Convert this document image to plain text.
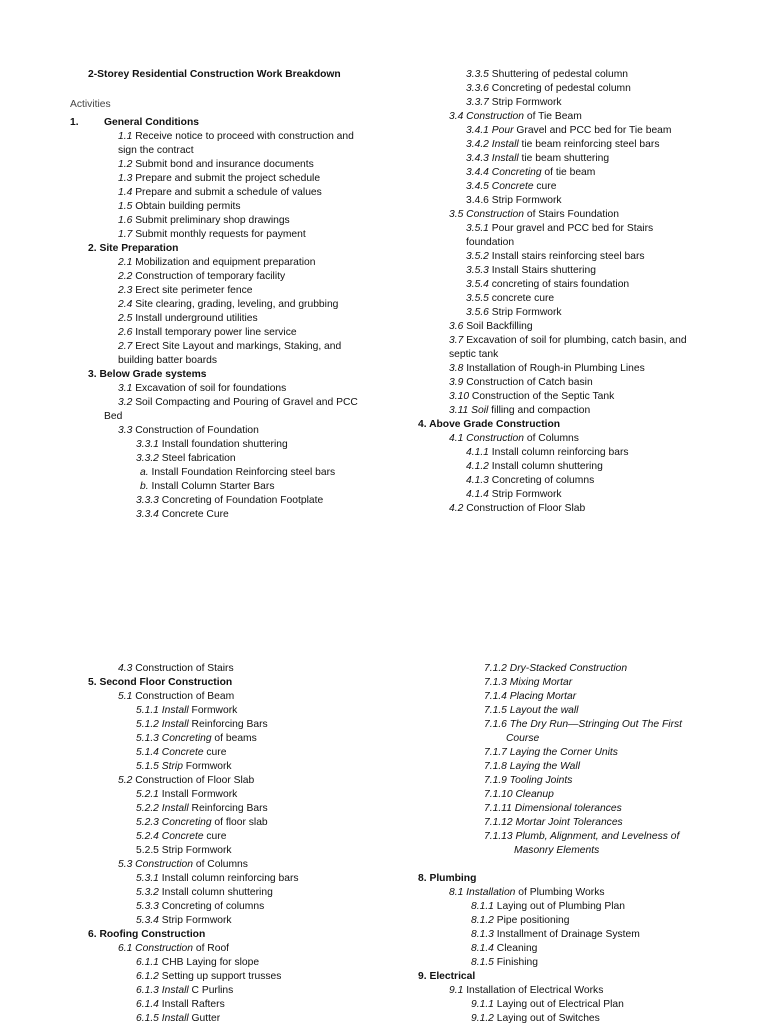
2-Storey Residential Construction Work Breakdown
Activities
1. General Conditions
1.1 Receive notice to proceed with construction and
sign the contract
1.2 Submit bond and insurance documents
1.3 Prepare and submit the project schedule
1.4 Prepare and submit a schedule of values
1.5 Obtain building permits
1.6 Submit preliminary shop drawings
1.7 Submit monthly requests for payment
2. Site Preparation
2.1 Mobilization and equipment preparation
2.2 Construction of temporary facility
2.3 Erect site perimeter fence
2.4 Site clearing, grading, leveling, and grubbing
2.5 Install underground utilities
2.6 Install temporary power line service
2.7 Erect Site Layout and markings, Staking, and
building batter boards
3. Below Grade systems
3.1 Excavation of soil for foundations
3.2 Soil Compacting and Pouring of Gravel and PCC
Bed
3.3 Construction of Foundation
3.3.1 Install foundation shuttering
3.3.2 Steel fabrication
a. Install Foundation Reinforcing steel bars
b. Install Column Starter Bars
3.3.3 Concreting of Foundation Footplate
3.3.4 Concrete Cure
3.3.5 Shuttering of pedestal column
3.3.6 Concreting of pedestal column
3.3.7 Strip Formwork
3.4 Construction of Tie Beam
3.4.1 Pour Gravel and PCC bed for Tie beam
3.4.2 Install tie beam reinforcing steel bars
3.4.3 Install tie beam shuttering
3.4.4 Concreting of tie beam
3.4.5 Concrete cure
3.4.6 Strip Formwork
3.5 Construction of Stairs Foundation
3.5.1 Pour gravel and PCC bed for Stairs
foundation
3.5.2 Install stairs reinforcing steel bars
3.5.3 Install Stairs shuttering
3.5.4 concreting of stairs foundation
3.5.5 concrete cure
3.5.6 Strip Formwork
3.6 Soil Backfilling
3.7 Excavation of soil for plumbing, catch basin, and
septic tank
3.8 Installation of Rough-in Plumbing Lines
3.9 Construction of Catch basin
3.10 Construction of the Septic Tank
3.11 Soil filling and compaction
4. Above Grade Construction
4.1 Construction of Columns
4.1.1 Install column reinforcing bars
4.1.2 Install column shuttering
4.1.3 Concreting of columns
4.1.4 Strip Formwork
4.2 Construction of Floor Slab
4.3 Construction of Stairs
5. Second Floor Construction
5.1 Construction of Beam
5.1.1 Install Formwork
5.1.2 Install Reinforcing Bars
5.1.3 Concreting of beams
5.1.4 Concrete cure
5.1.5 Strip Formwork
5.2 Construction of Floor Slab
5.2.1 Install Formwork
5.2.2 Install Reinforcing Bars
5.2.3 Concreting of floor slab
5.2.4 Concrete cure
5.2.5 Strip Formwork
5.3 Construction of Columns
5.3.1 Install column reinforcing bars
5.3.2 Install column shuttering
5.3.3 Concreting of columns
5.3.4 Strip Formwork
6. Roofing Construction
6.1 Construction of Roof
6.1.1 CHB Laying for slope
6.1.2 Setting up support trusses
6.1.3 Install C Purlins
6.1.4 Install Rafters
6.1.5 Install Gutter
7.1.2 Dry-Stacked Construction
7.1.3 Mixing Mortar
7.1.4 Placing Mortar
7.1.5 Layout the wall
7.1.6 The Dry Run—Stringing Out The First
Course
7.1.7 Laying the Corner Units
7.1.8 Laying the Wall
7.1.9 Tooling Joints
7.1.10 Cleanup
7.1.11 Dimensional tolerances
7.1.12 Mortar Joint Tolerances
7.1.13 Plumb, Alignment, and Levelness of
Masonry Elements
8. Plumbing
8.1 Installation of Plumbing Works
8.1.1 Laying out of Plumbing Plan
8.1.2 Pipe positioning
8.1.3 Installment of Drainage System
8.1.4 Cleaning
8.1.5 Finishing
9. Electrical
9.1 Installation of Electrical Works
9.1.1 Laying out of Electrical Plan
9.1.2 Laying out of Switches
